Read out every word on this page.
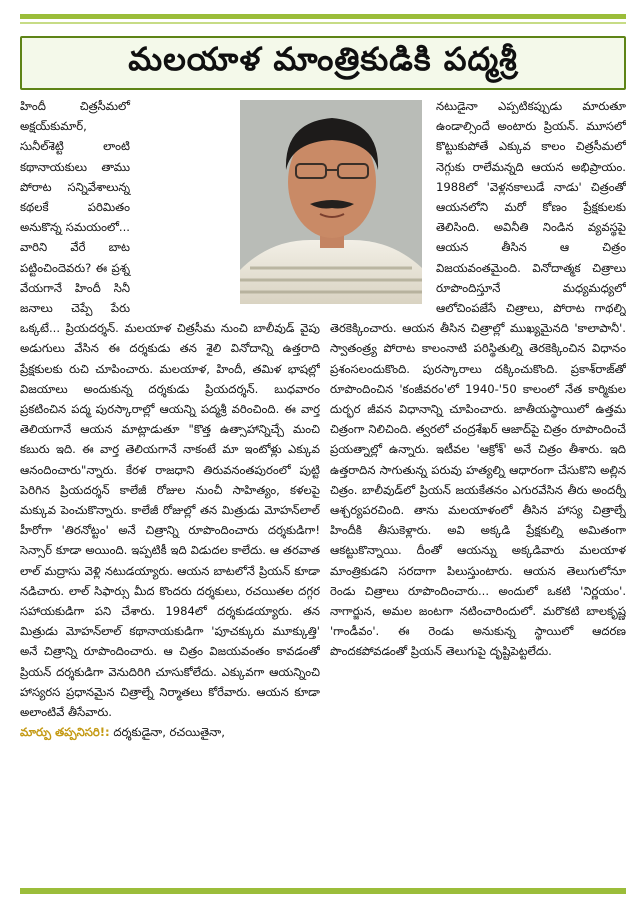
మలయాళ మాంత్రికుడికి పద్మశ్రీ

హిందీ చిత్రసీమలో అక్షయ్‌కుమార్, సునీల్‌శెట్టి లాంటి కథానాయకులు తాము పోరాట సన్నివేశాలున్న కథలకే పరిమితం అనుకొన్న సమయంలో... వారిని వేరే బాట పట్టించిందెవరు? ఈ ప్రశ్న వేయగానే హిందీ సినీ జనాలు చెప్పే పేరు ఒక్కటే... ప్రియదర్శన్. మలయాళ చిత్రసీమ నుంచి బాలీవుడ్ వైపు అడుగులు వేసిన ఈ దర్శకుడు తన శైలి వినోదాన్ని ఉత్తరాది ప్రేక్షకులకు రుచి చూపించారు. మలయాళ, హిందీ, తమిళ భాషల్లో విజయాలు అందుకున్న దర్శకుడు ప్రియదర్శన్. బుధవారం ప్రకటించిన పద్మ పురస్కారాల్లో ఆయన్ని పద్మశ్రీ వరించింది. ఈ వార్త తెలియగానే ఆయన మాట్లాడుతూ "కొత్త ఉత్సాహాన్నిచ్చే మంచి కబురు ఇది. ఈ వార్త తెలియగానే నాకంటే మా ఇంటోళ్లు ఎక్కువ ఆనందించారు"న్నారు. కేరళ రాజధాని తిరువనంతపురంలో పుట్టి పెరిగిన ప్రియదర్శన్ కాలేజీ రోజుల నుంచీ సాహిత్యం, కళలపై మక్కువ పెంచుకొన్నారు. కాలేజీ రోజుల్లో తన మిత్రుడు మోహన్‌లాల్ హీరోగా 'తిరనోట్టం' అనే చిత్రాన్ని రూపొందించారు దర్శకుడిగా! సెన్సార్ కూడా అయింది. ఇప్పటికీ ఇది విడుదల కాలేదు. ఆ తరవాత లాల్ మద్రాసు వెళ్లి నటుడయ్యారు. ఆయన బాటలోనే ప్రియన్ కూడా నడిచారు. లాల్ సిఫార్సు మీద కొందరు దర్శకులు, రచయితల దగ్గర సహాయకుడిగా పని చేశారు. 1984లో దర్శకుడయ్యారు. తన మిత్రుడు మోహన్‌లాల్ కథానాయకుడిగా 'పూచక్కురు మూక్కుత్తి' అనే చిత్రాన్ని రూపొందించారు. ఆ చిత్రం విజయవంతం కావడంతో ప్రియన్ దర్శకుడిగా వెనుదిరిగి చూసుకోలేదు. ఎక్కువగా ఆయన్నించి హాస్యరస ప్రధానమైన చిత్రాల్నే నిర్మాతలు కోరేవారు. ఆయన కూడా అలాంటివే తీసేవారు.

మార్పు తప్పనిసరి!: దర్శకుడైనా, రచయితైనా,

నటుడైనా ఎప్పటికప్పుడు మారుతూ ఉండాల్సిందే అంటారు ప్రియన్. మూసలో కొట్టుకుపోతే ఎక్కువ కాలం చిత్రసీమలో నెగ్గుకు రాలేమన్నది ఆయన అభిప్రాయం. 1988లో 'వెళ్లనకాలుడే నాడు' చిత్రంతో ఆయనలోని మరో కోణం ప్రేక్షకులకు తెలిసింది. అవినీతి నిండిన వ్యవస్థపై ఆయన తీసిన ఆ చిత్రం విజయవంతమైంది. వినోదాత్మక చిత్రాలు రూపొందిస్తూనే మధ్యమధ్యలో ఆలోచింపజేసే చిత్రాలు, పోరాట గాథల్ని తెరకెక్కించారు. ఆయన తీసిన చిత్రాల్లో ముఖ్యమైనది 'కాలాపానీ'. స్వాతంత్ర్య పోరాట కాలంనాటి పరిస్థితుల్ని తెరకెక్కించిన విధానం ప్రశంసలందుకొంది. పురస్కారాలు దక్కించుకొంది. ప్రకాశ్‌రాజ్‌తో రూపొందించిన 'కంజీవరం'లో 1940-'50 కాలంలో నేత కార్మికుల దుర్భర జీవన విధానాన్ని చూపించారు. జాతీయస్థాయిలో ఉత్తమ చిత్రంగా నిలిచింది. త్వరలో చంద్రశేఖర్ ఆజాద్‌పై చిత్రం రూపొందించే ప్రయత్నాల్లో ఉన్నారు. ఇటీవల 'ఆక్రోశ్' అనే చిత్రం తీశారు. ఇది ఉత్తరాదిన సాగుతున్న పరువు హత్యల్ని ఆధారంగా చేసుకొని అల్లిన చిత్రం. బాలీవుడ్‌లో ప్రియన్ జయకేతనం ఎగురవేసిన తీరు అందర్నీ ఆశ్చర్యపరచింది. తాను మలయాళంలో తీసిన హాస్య చిత్రాల్నే హిందీకి తీసుకెళ్లారు. అవి అక్కడి ప్రేక్షకుల్ని అమితంగా ఆకట్టుకొన్నాయి. దీంతో ఆయన్ను అక్కడివారు మలయాళ మాంత్రికుడని సరదాగా పిలుస్తుంటారు. ఆయన తెలుగులోనూ రెండు చిత్రాలు రూపొందించారు... అందులో ఒకటి 'నిర్ణయం'. నాగార్జున, అమల జంటగా నటించారిందులో. మరొకటి బాలకృష్ణ 'గాండీవం'. ఈ రెండు అనుకున్న స్థాయిలో ఆదరణ పొందకపోవడంతో ప్రియన్ తెలుగుపై దృష్టిపెట్టలేదు.
